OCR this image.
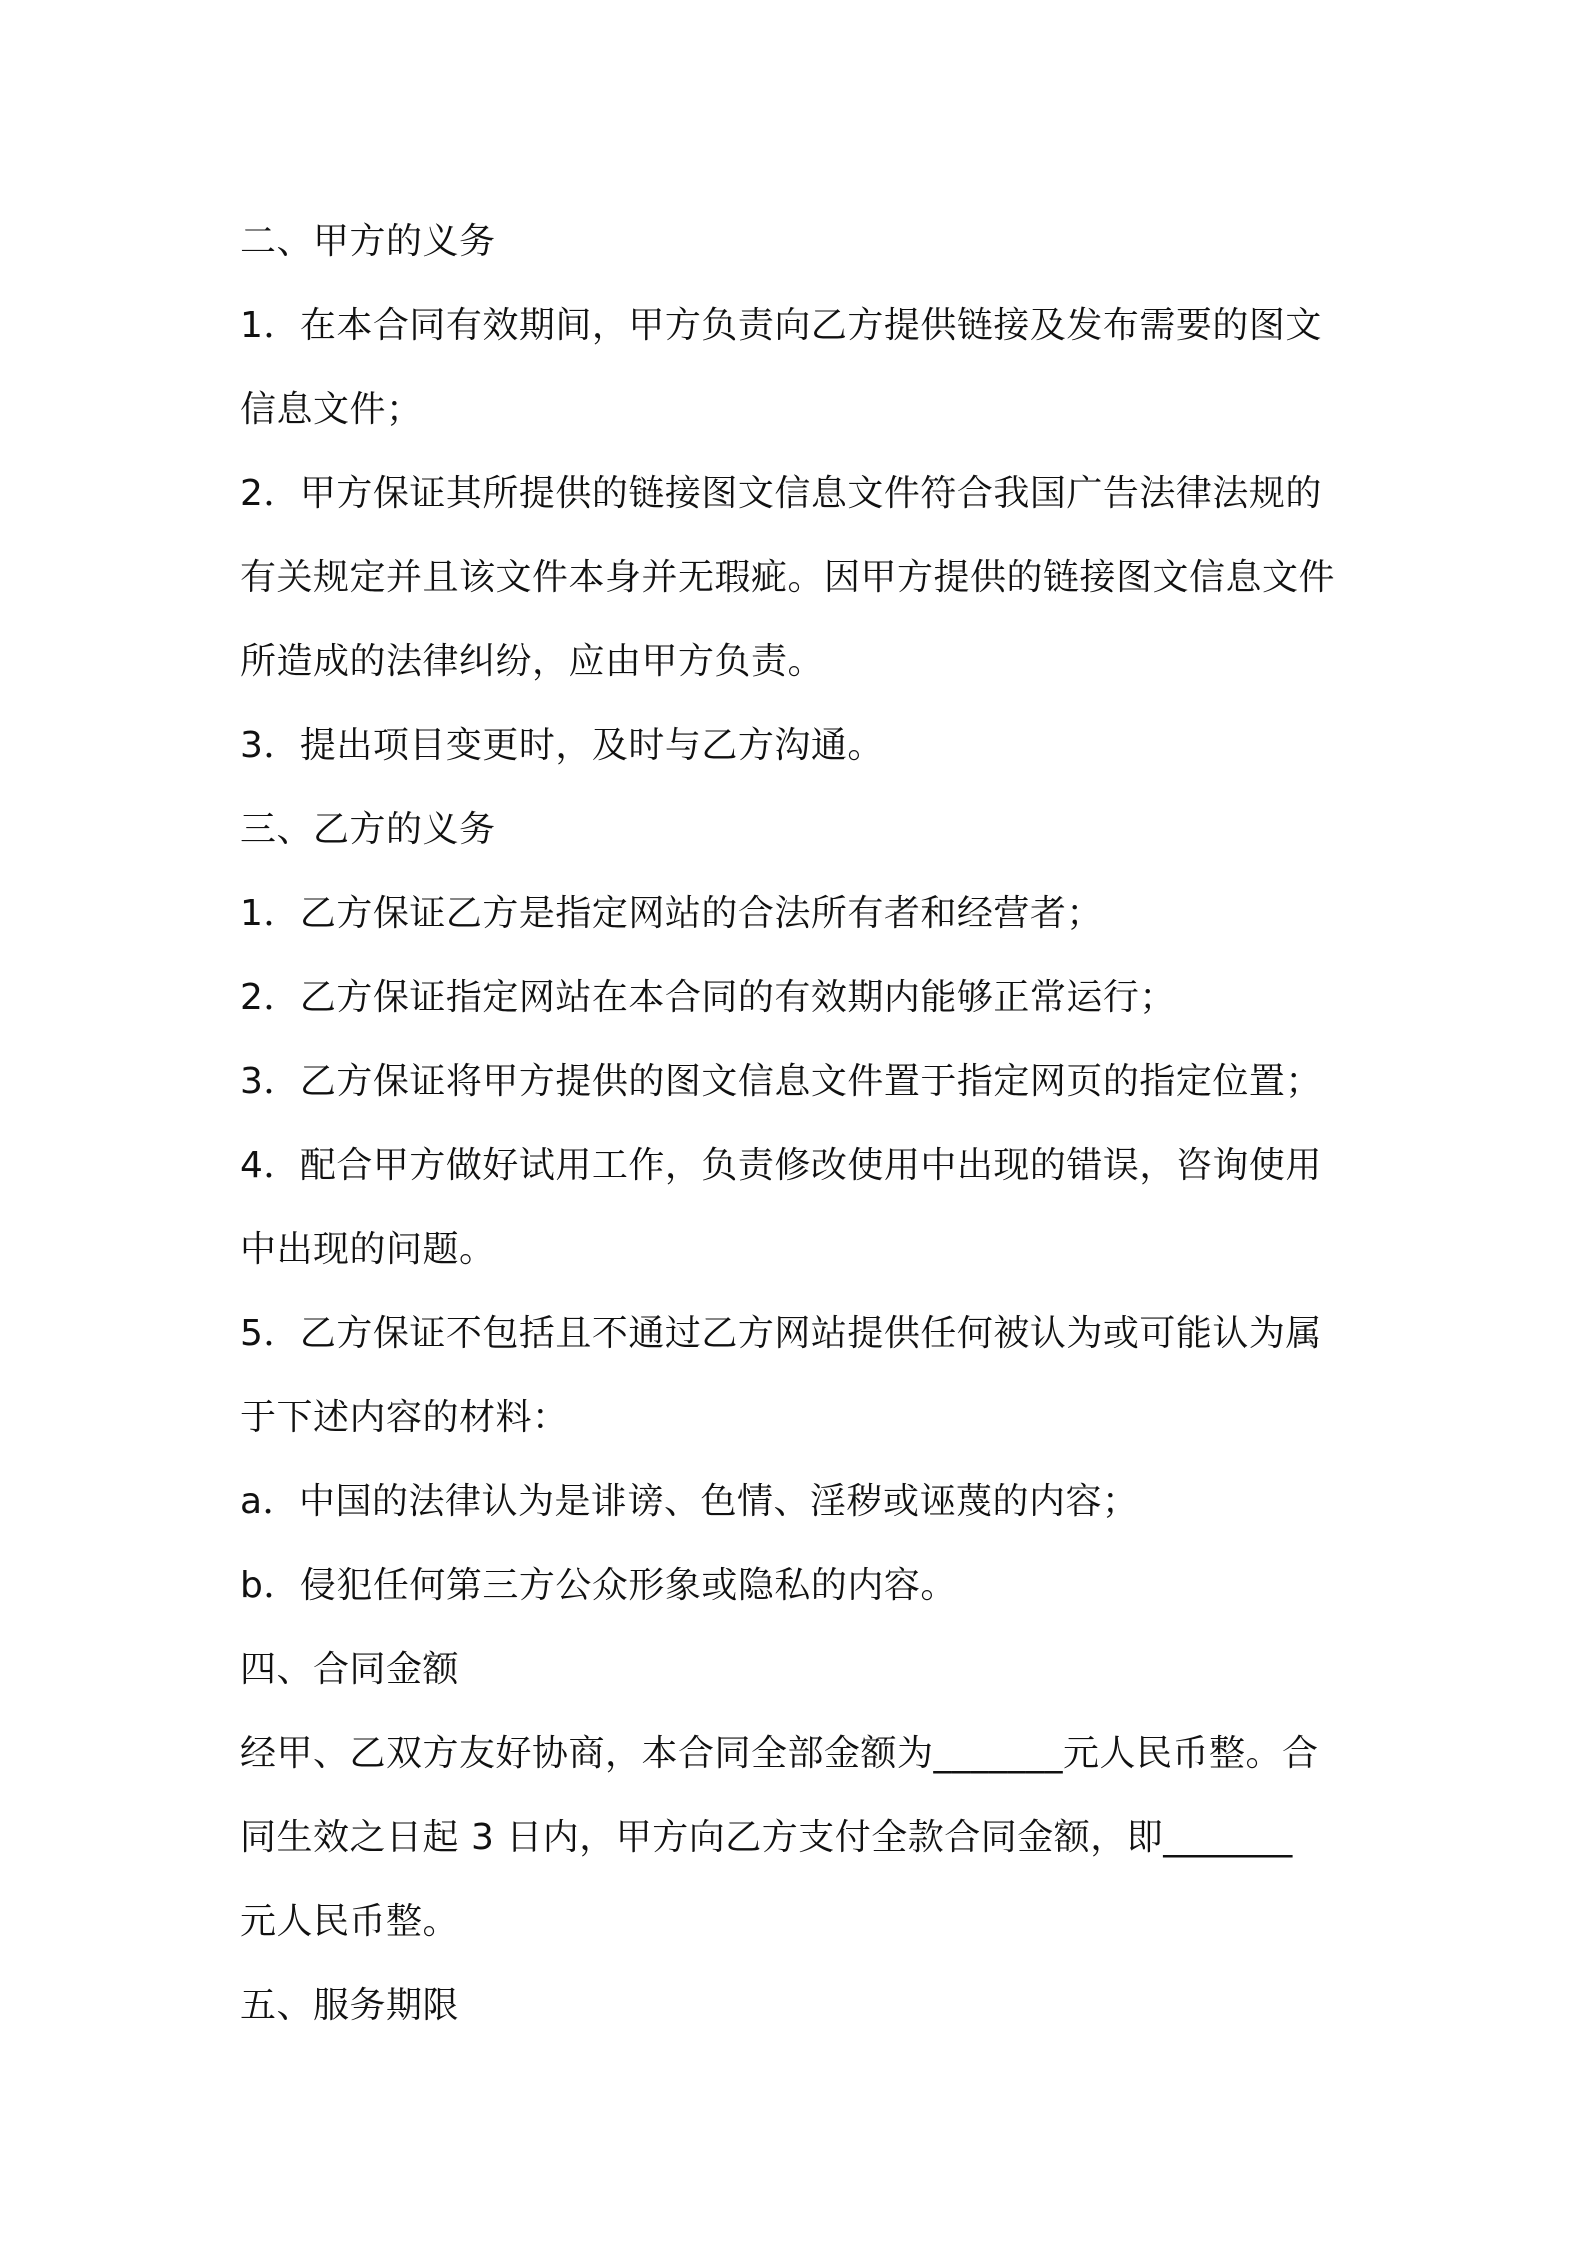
二、甲方的义务
1．在本合同有效期间，甲方负责向乙方提供链接及发布需要的图文
信息文件；
2．甲方保证其所提供的链接图文信息文件符合我国广告法律法规的
有关规定并且该文件本身并无瑕疵。因甲方提供的链接图文信息文件
所造成的法律纠纷，应由甲方负责。
3．提出项目变更时，及时与乙方沟通。
三、乙方的义务
1．乙方保证乙方是指定网站的合法所有者和经营者；
2．乙方保证指定网站在本合同的有效期内能够正常运行；
3．乙方保证将甲方提供的图文信息文件置于指定网页的指定位置；
4．配合甲方做好试用工作，负责修改使用中出现的错误，咨询使用
中出现的问题。
5．乙方保证不包括且不通过乙方网站提供任何被认为或可能认为属
于下述内容的材料：
a．中国的法律认为是诽谤、色情、淫秽或诬蔑的内容；
b．侵犯任何第三方公众形象或隐私的内容。
四、合同金额
经甲、乙双方友好协商，本合同全部金额为_______元人民币整。合
同生效之日起 3 日内，甲方向乙方支付全款合同金额，即_______
元人民币整。
五、服务期限
